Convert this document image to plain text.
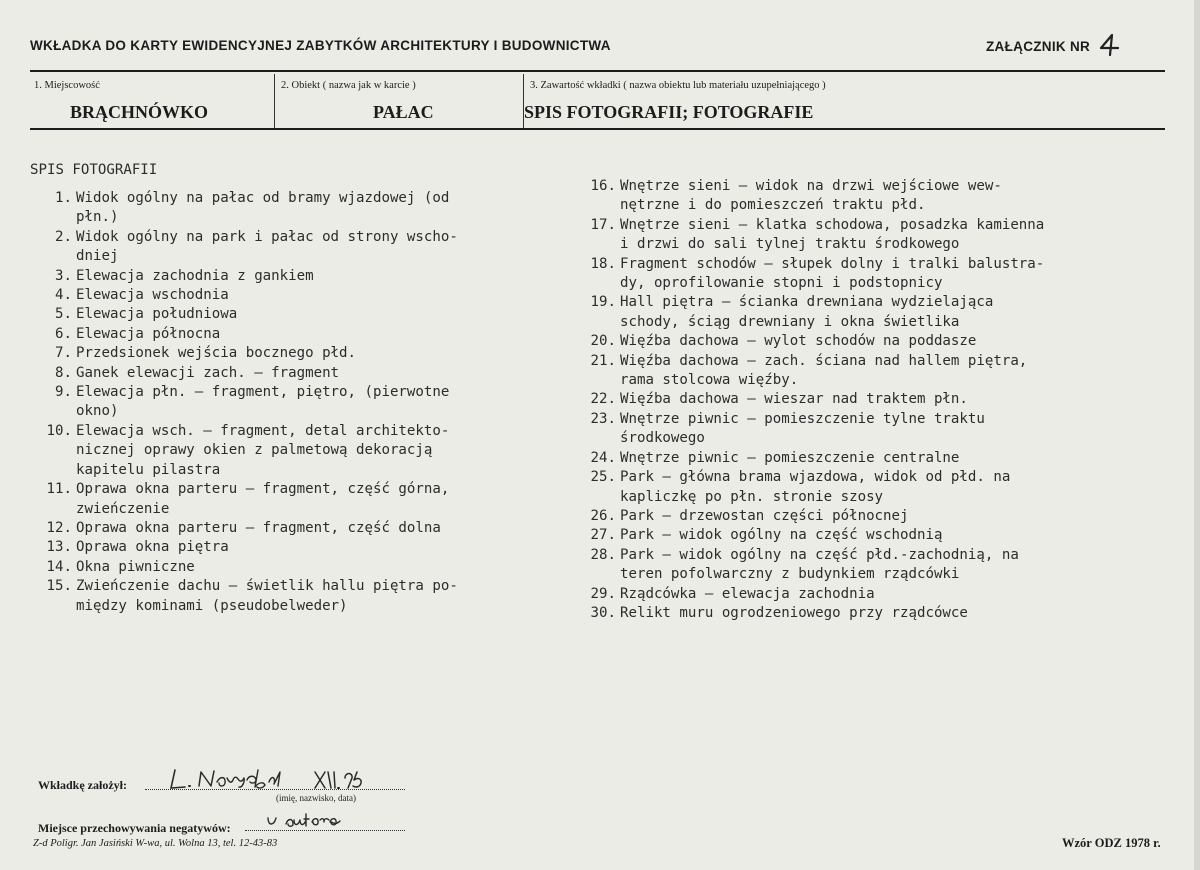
WKŁADKA DO KARTY EWIDENCYJNEJ ZABYTKÓW ARCHITEKTURY I BUDOWNICTWA	ZAŁĄCZNIK NR
1. Miejscowość
BRĄCHNÓWKO
2. Obiekt ( nazwa jak w karcie )
PAŁAC
3. Zawartość wkładki ( nazwa obiektu lub materiału uzupełniającego )
SPIS FOTOGRAFII; FOTOGRAFIE
SPIS FOTOGRAFII
1. Widok ogólny na pałac od bramy wjazdowej (od
płn.)
2. Widok ogólny na park i pałac od strony wscho-
dniej
3. Elewacja zachodnia z gankiem
4. Elewacja wschodnia
5. Elewacja południowa
6. Elewacja północna
7. Przedsionek wejścia bocznego płd.
8. Ganek elewacji zach. – fragment
9. Elewacja płn. – fragment, piętro, (pierwotne
okno)
10. Elewacja wsch. – fragment, detal architekto-
nicznej oprawy okien z palmetową dekoracją
kapitelu pilastra
11. Oprawa okna parteru – fragment, część górna,
zwieńczenie
12. Oprawa okna parteru – fragment, część dolna
13. Oprawa okna piętra
14. Okna piwniczne
15. Zwieńczenie dachu – świetlik hallu piętra po-
między kominami (pseudobelweder)
16. Wnętrze sieni – widok na drzwi wejściowe wew-
nętrzne i do pomieszczeń traktu płd.
17. Wnętrze sieni – klatka schodowa, posadzka kamienna
i drzwi do sali tylnej traktu środkowego
18. Fragment schodów – słupek dolny i tralki balustra-
dy, oprofilowanie stopni i podstopnicy
19. Hall piętra – ścianka drewniana wydzielająca
schody, ściąg drewniany i okna świetlika
20. Więźba dachowa – wylot schodów na poddasze
21. Więźba dachowa – zach. ściana nad hallem piętra,
rama stolcowa więźby.
22. Więźba dachowa – wieszar nad traktem płn.
23. Wnętrze piwnic – pomieszczenie tylne traktu
środkowego
24. Wnętrze piwnic – pomieszczenie centralne
25. Park – główna brama wjazdowa, widok od płd. na
kapliczkę po płn. stronie szosy
26. Park – drzewostan części północnej
27. Park – widok ogólny na część wschodnią
28. Park – widok ogólny na część płd.-zachodnią, na
teren pofolwarczny z budynkiem rządcówki
29. Rządcówka – elewacja zachodnia
30. Relikt muru ogrodzeniowego przy rządcówce
Wkładkę założył:
(imię, nazwisko, data)
Miejsce przechowywania negatywów:
Z-d Poligr. Jan Jasiński W-wa, ul. Wolna 13, tel. 12-43-83	Wzór ODZ 1978 r.
